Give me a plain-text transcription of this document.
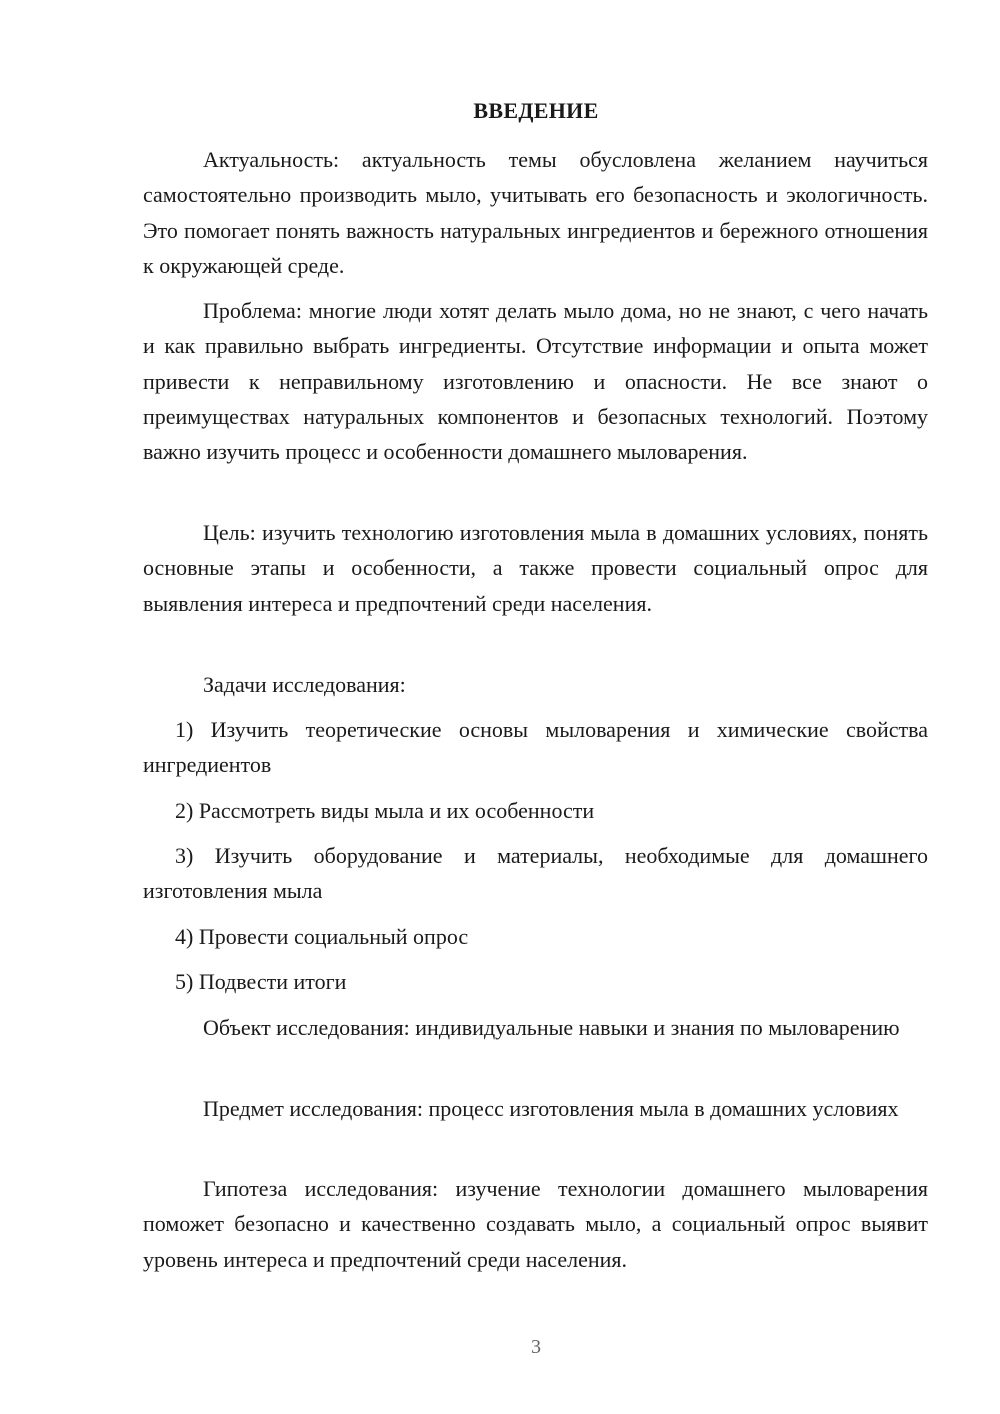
ВВЕДЕНИЕ

Актуальность: актуальность темы обусловлена желанием научиться самостоятельно производить мыло, учитывать его безопасность и экологичность. Это помогает понять важность натуральных ингредиентов и бережного отношения к окружающей среде.

Проблема: многие люди хотят делать мыло дома, но не знают, с чего начать и как правильно выбрать ингредиенты. Отсутствие информации и опыта может привести к неправильному изготовлению и опасности. Не все знают о преимуществах натуральных компонентов и безопасных технологий. Поэтому важно изучить процесс и особенности домашнего мыловарения.

Цель: изучить технологию изготовления мыла в домашних условиях, понять основные этапы и особенности, а также провести социальный опрос для выявления интереса и предпочтений среди населения.

Задачи исследования:

1) Изучить теоретические основы мыловарения и химические свойства ингредиентов

2) Рассмотреть виды мыла и их особенности

3) Изучить оборудование и материалы, необходимые для домашнего изготовления мыла

4) Провести социальный опрос

5) Подвести итоги

Объект исследования: индивидуальные навыки и знания по мыловарению

Предмет исследования: процесс изготовления мыла в домашних условиях

Гипотеза исследования: изучение технологии домашнего мыловарения поможет безопасно и качественно создавать мыло, а социальный опрос выявит уровень интереса и предпочтений среди населения.

3
